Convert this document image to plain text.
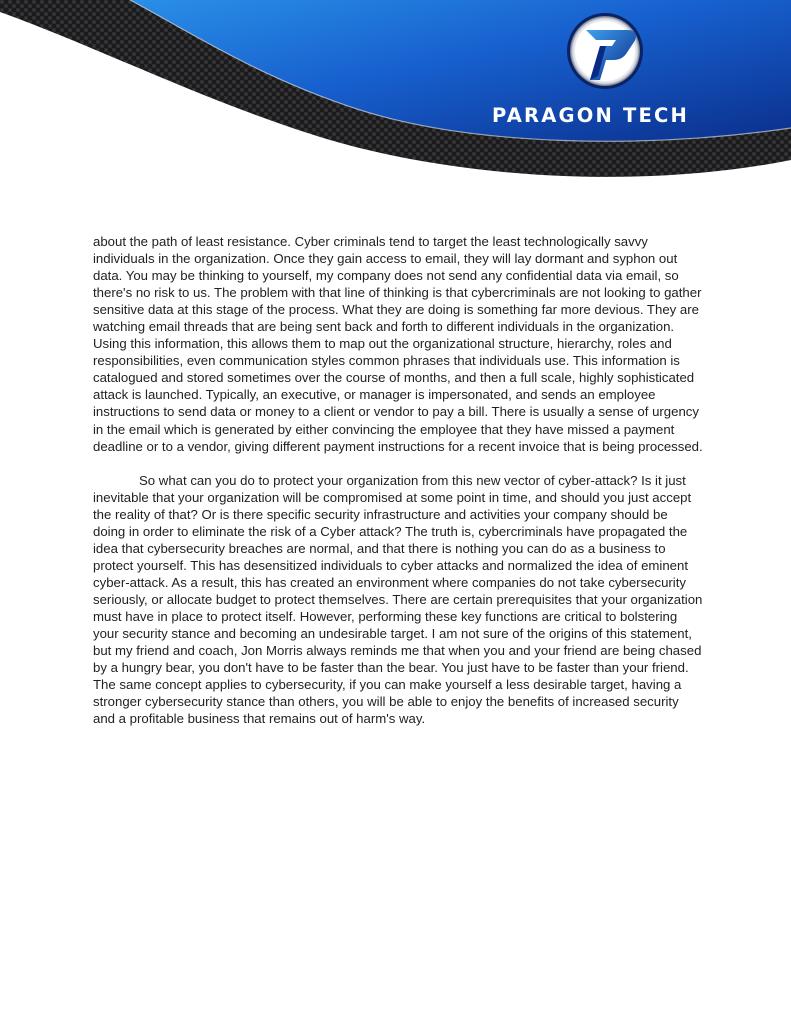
PARAGON TECH

about the path of least resistance. Cyber criminals tend to target the least technologically savvy individuals in the organization. Once they gain access to email, they will lay dormant and syphon out data. You may be thinking to yourself, my company does not send any confidential data via email, so there's no risk to us. The problem with that line of thinking is that cybercriminals are not looking to gather sensitive data at this stage of the process. What they are doing is something far more devious. They are watching email threads that are being sent back and forth to different individuals in the organization. Using this information, this allows them to map out the organizational structure, hierarchy, roles and responsibilities, even communication styles common phrases that individuals use. This information is catalogued and stored sometimes over the course of months, and then a full scale, highly sophisticated attack is launched. Typically, an executive, or manager is impersonated, and sends an employee instructions to send data or money to a client or vendor to pay a bill. There is usually a sense of urgency in the email which is generated by either convincing the employee that they have missed a payment deadline or to a vendor, giving different payment instructions for a recent invoice that is being processed.

So what can you do to protect your organization from this new vector of cyber-attack? Is it just inevitable that your organization will be compromised at some point in time, and should you just accept the reality of that? Or is there specific security infrastructure and activities your company should be doing in order to eliminate the risk of a Cyber attack? The truth is, cybercriminals have propagated the idea that cybersecurity breaches are normal, and that there is nothing you can do as a business to protect yourself. This has desensitized individuals to cyber attacks and normalized the idea of eminent cyber-attack. As a result, this has created an environment where companies do not take cybersecurity seriously, or allocate budget to protect themselves. There are certain prerequisites that your organization must have in place to protect itself. However, performing these key functions are critical to bolstering your security stance and becoming an undesirable target. I am not sure of the origins of this statement, but my friend and coach, Jon Morris always reminds me that when you and your friend are being chased by a hungry bear, you don't have to be faster than the bear. You just have to be faster than your friend. The same concept applies to cybersecurity, if you can make yourself a less desirable target, having a stronger cybersecurity stance than others, you will be able to enjoy the benefits of increased security and a profitable business that remains out of harm's way.
